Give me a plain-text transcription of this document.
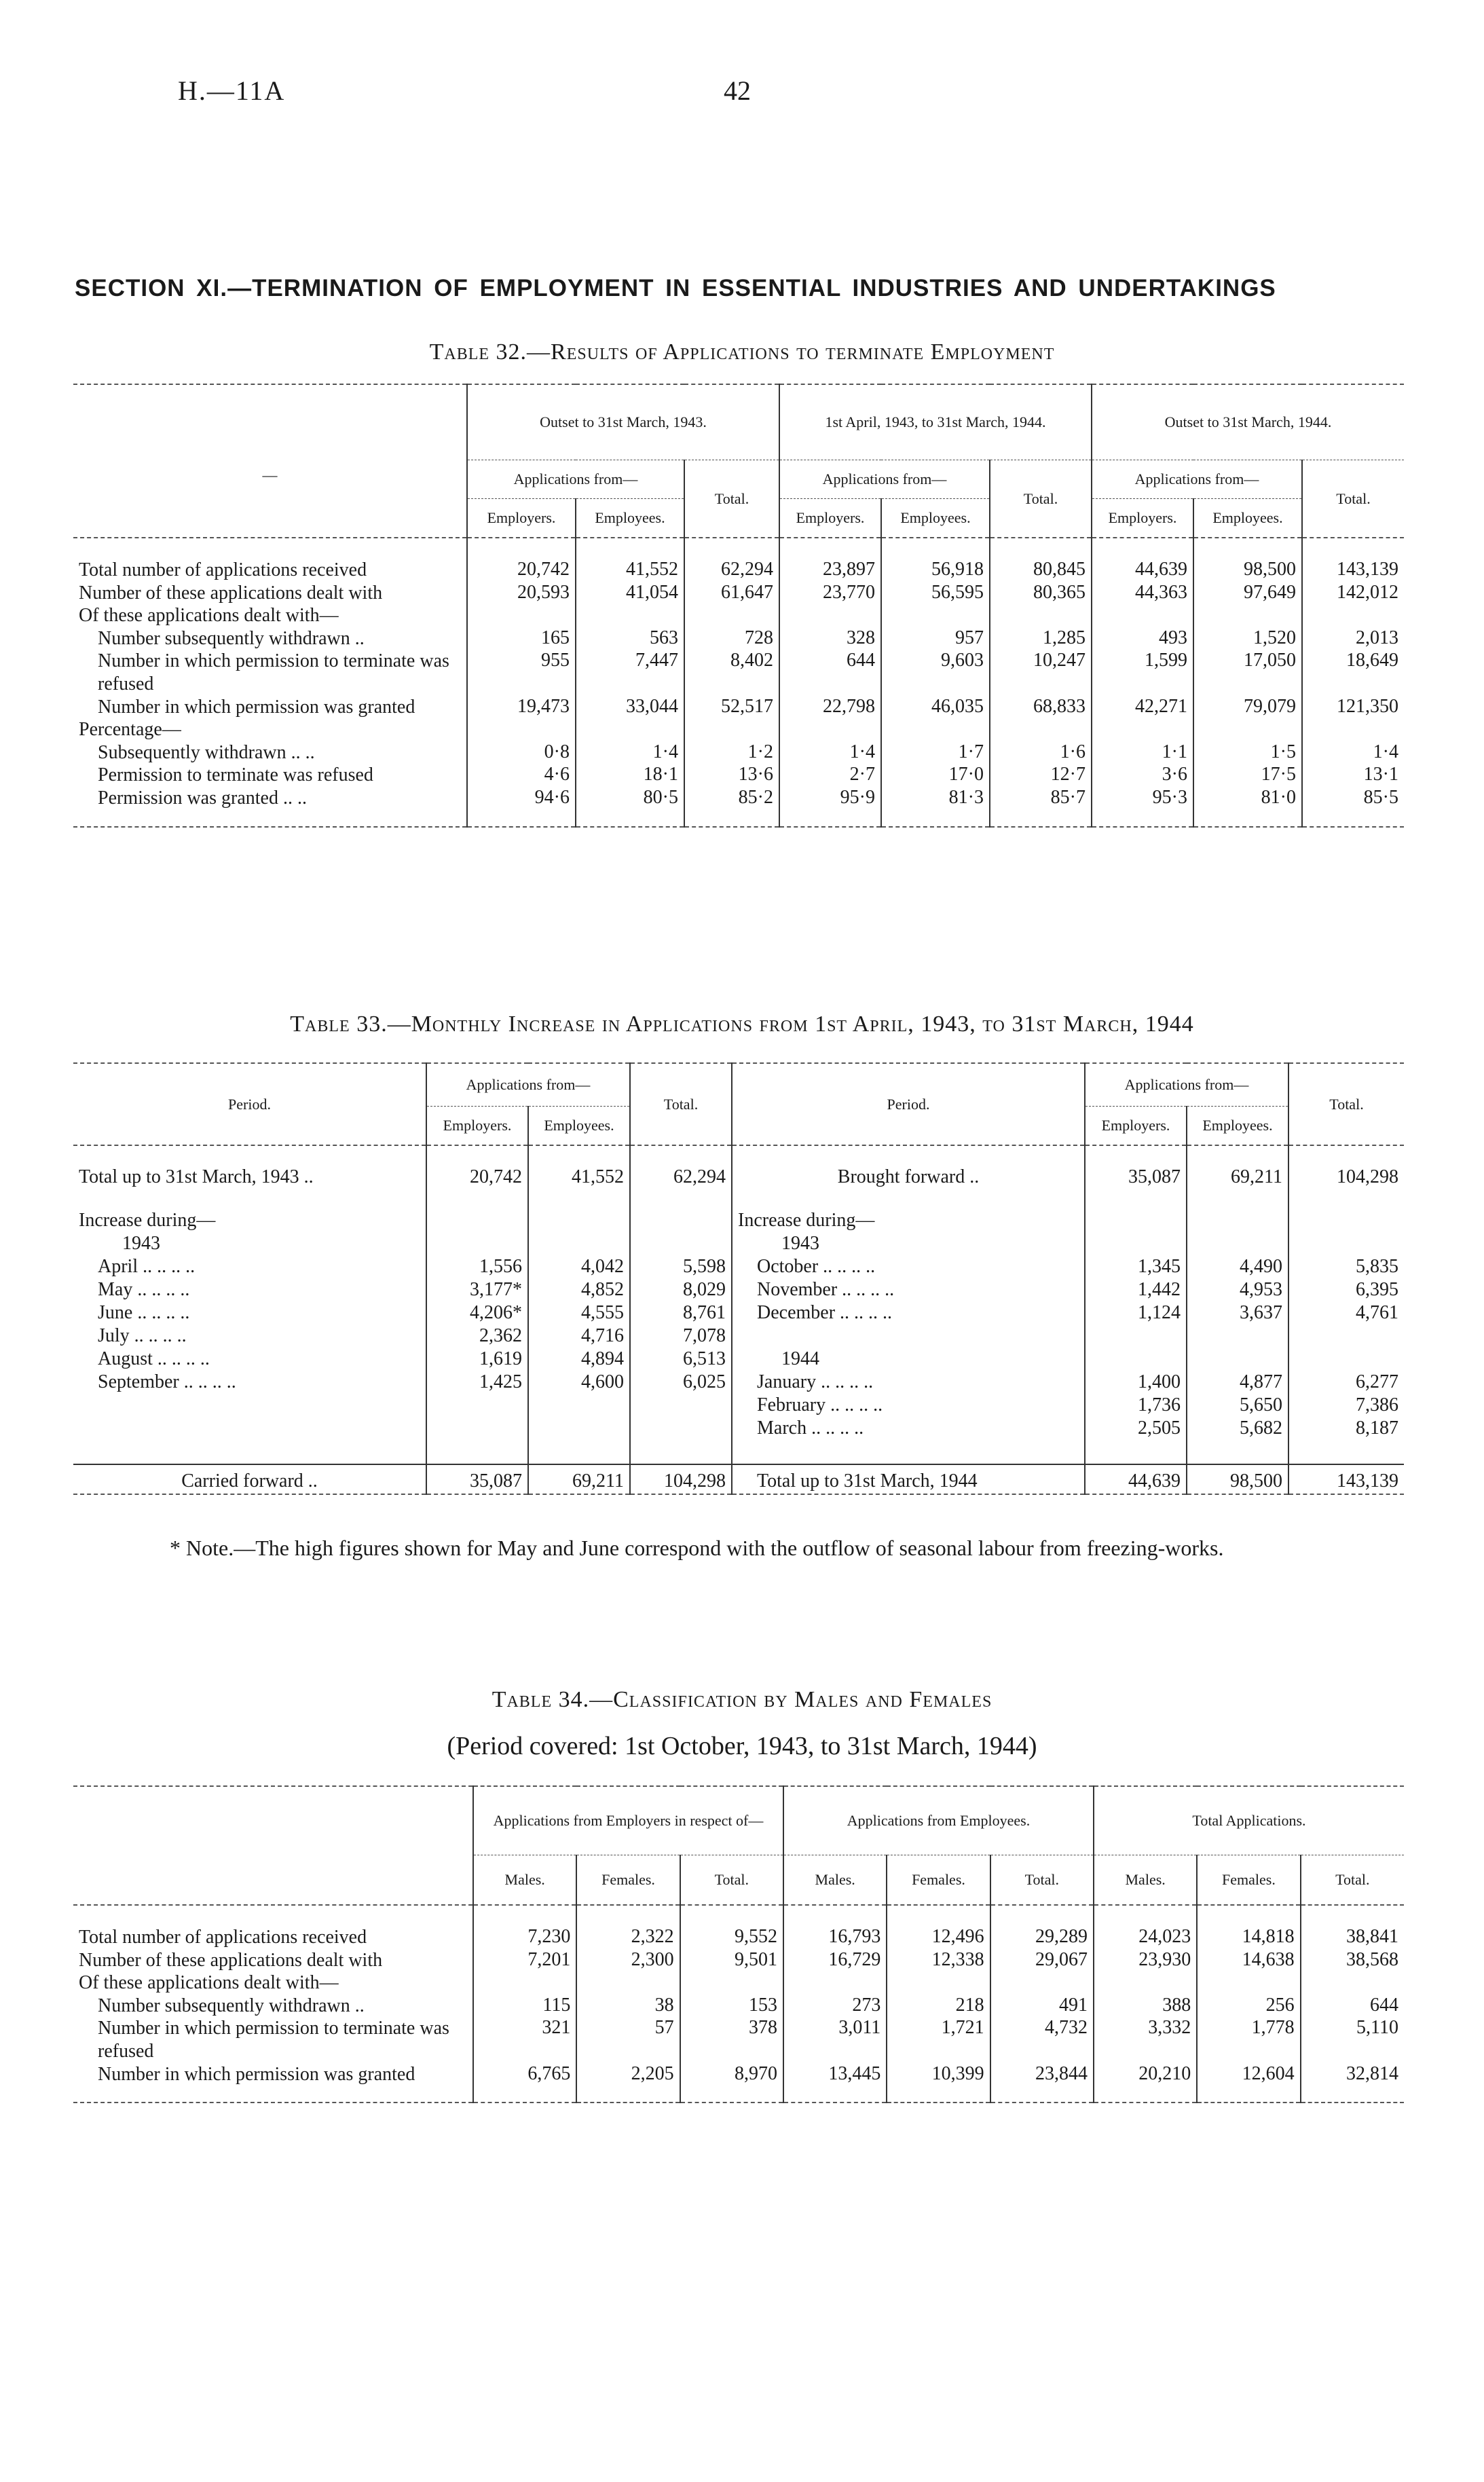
H.—11A	42
SECTION XI.—TERMINATION OF EMPLOYMENT IN ESSENTIAL INDUSTRIES AND UNDERTAKINGS
Table 32.—Results of Applications to terminate Employment
—	Outset to 31st March, 1943.			1st April, 1943, to 31st March, 1944.			Outset to 31st March, 1944.		
	Applications from—		Total.	Applications from—		Total.	Applications from—		Total.
	Employers.	Employees.		Employers.	Employees.		Employers.	Employees.	
Total number of applications received	20,742	41,552	62,294	23,897	56,918	80,845	44,639	98,500	143,139
Number of these applications dealt with	20,593	41,054	61,647	23,770	56,595	80,365	44,363	97,649	142,012
Of these applications dealt with—									
Number subsequently withdrawn ..	165	563	728	328	957	1,285	493	1,520	2,013
Number in which permission to terminate was refused	955	7,447	8,402	644	9,603	10,247	1,599	17,050	18,649
Number in which permission was granted	19,473	33,044	52,517	22,798	46,035	68,833	42,271	79,079	121,350
Percentage—									
Subsequently withdrawn .. ..	0·8	1·4	1·2	1·4	1·7	1·6	1·1	1·5	1·4
Permission to terminate was refused	4·6	18·1	13·6	2·7	17·0	12·7	3·6	17·5	13·1
Permission was granted .. ..	94·6	80·5	85·2	95·9	81·3	85·7	95·3	81·0	85·5

Table 33.—Monthly Increase in Applications from 1st April, 1943, to 31st March, 1944
Period.	Applications from—		Total.	Period.	Applications from—		Total.
	Employers.	Employees.			Employers.	Employees.	
Total up to 31st March, 1943 ..	20,742	41,552	62,294	Brought forward ..	35,087	69,211	104,298
Increase during—				Increase during—			
1943				1943			
April .. .. .. ..	1,556	4,042	5,598	October .. .. .. ..	1,345	4,490	5,835
May .. .. .. ..	3,177*	4,852	8,029	November .. .. .. ..	1,442	4,953	6,395
June .. .. .. ..	4,206*	4,555	8,761	December .. .. .. ..	1,124	3,637	4,761
July .. .. .. ..	2,362	4,716	7,078				
August .. .. .. ..	1,619	4,894	6,513	1944			
September .. .. .. ..	1,425	4,600	6,025	January .. .. .. ..	1,400	4,877	6,277
				February .. .. .. ..	1,736	5,650	7,386
				March .. .. .. ..	2,505	5,682	8,187

Carried forward ..	35,087	69,211	104,298	Total up to 31st March, 1944	44,639	98,500	143,139
* Note.—The high figures shown for May and June correspond with the outflow of seasonal labour from freezing-works.
Table 34.—Classification by Males and Females
(Period covered: 1st October, 1943, to 31st March, 1944)
	Applications from Employers in respect of—			Applications from Employees.			Total Applications.		
	Males.	Females.	Total.	Males.	Females.	Total.	Males.	Females.	Total.
Total number of applications received	7,230	2,322	9,552	16,793	12,496	29,289	24,023	14,818	38,841
Number of these applications dealt with	7,201	2,300	9,501	16,729	12,338	29,067	23,930	14,638	38,568
Of these applications dealt with—									
Number subsequently withdrawn ..	115	38	153	273	218	491	388	256	644
Number in which permission to terminate was refused	321	57	378	3,011	1,721	4,732	3,332	1,778	5,110
Number in which permission was granted	6,765	2,205	8,970	13,445	10,399	23,844	20,210	12,604	32,814
